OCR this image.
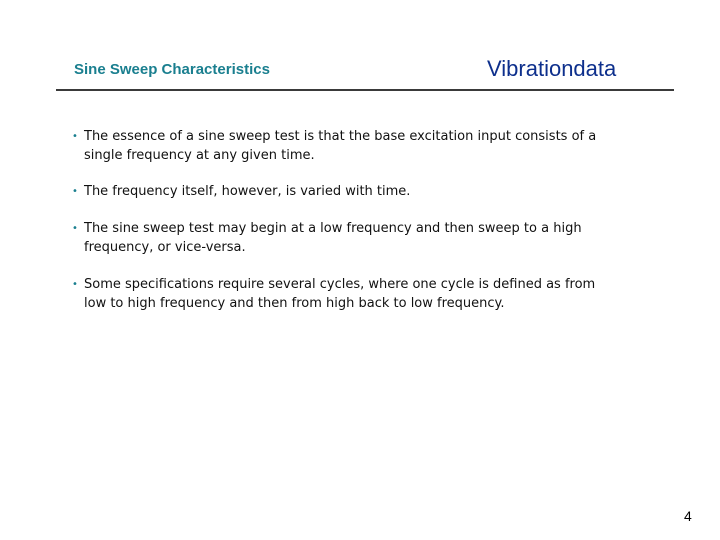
Sine Sweep Characteristics	Vibrationdata
• The essence of a sine sweep test is that the base excitation input consists of a single frequency at any given time.
• The frequency itself, however, is varied with time.
• The sine sweep test may begin at a low frequency and then sweep to a high frequency, or vice-versa.
• Some specifications require several cycles, where one cycle is defined as from low to high frequency and then from high back to low frequency.
4
